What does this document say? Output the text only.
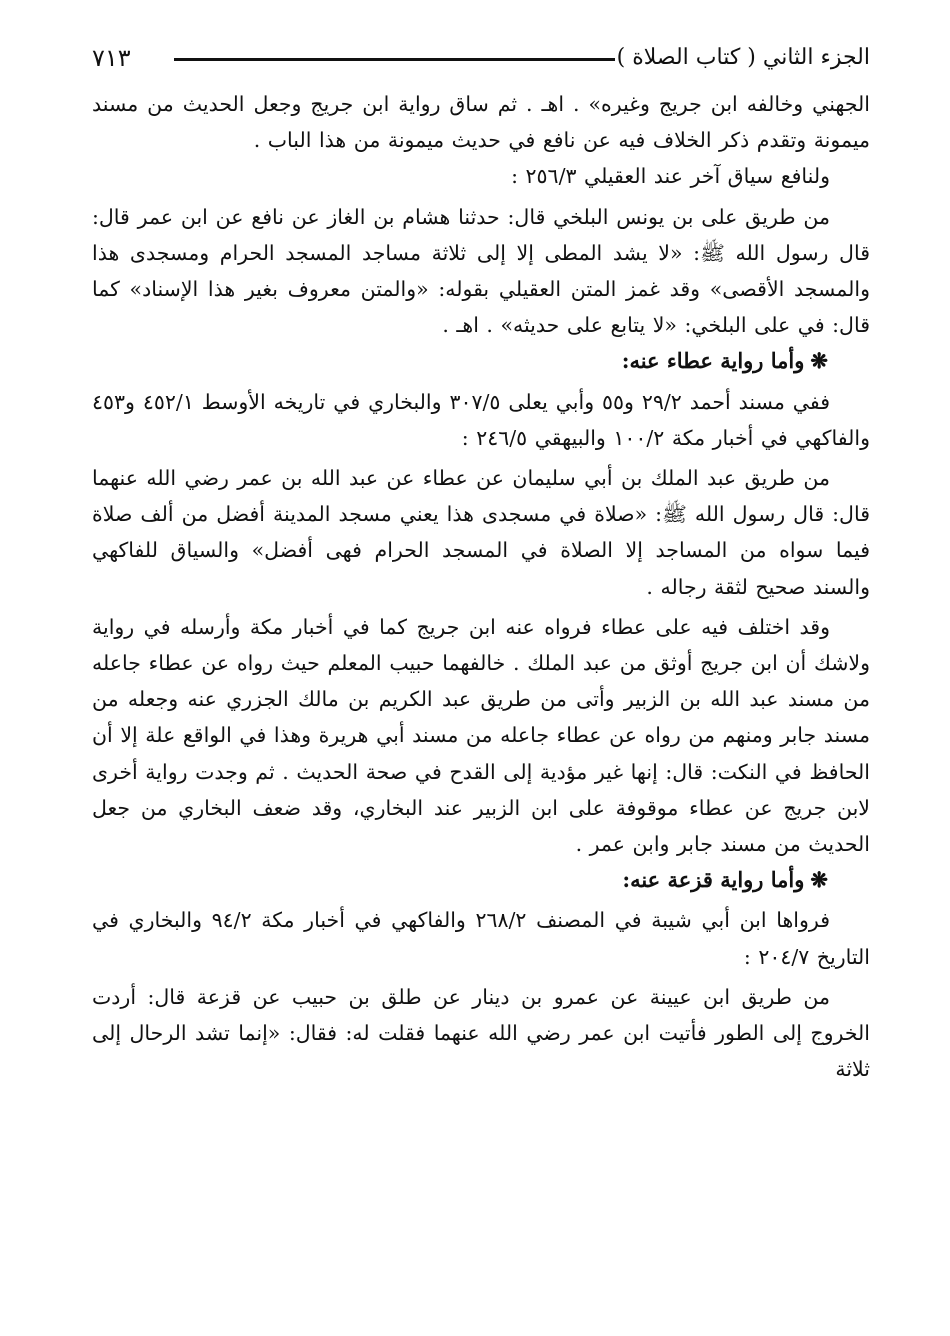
الجزء الثاني ( كتاب الصلاة )
٧١٣

الجهني وخالفه ابن جريج وغيره» . اهـ . ثم ساق رواية ابن جريج وجعل الحديث من مسند ميمونة وتقدم ذكر الخلاف فيه عن نافع في حديث ميمونة من هذا الباب .

ولنافع سياق آخر عند العقيلي ٢٥٦/٣ :

من طريق على بن يونس البلخي قال: حدثنا هشام بن الغاز عن نافع عن ابن عمر قال: قال رسول الله ﷺ: «لا يشد المطى إلا إلى ثلاثة مساجد المسجد الحرام ومسجدى هذا والمسجد الأقصى» وقد غمز المتن العقيلي بقوله: «والمتن معروف بغير هذا الإسناد» كما قال: في على البلخي: «لا يتابع على حديثه» . اهـ .

❋وأما رواية عطاء عنه:

ففي مسند أحمد ٢٩/٢ و٥٥ وأبي يعلى ٣٠٧/٥ والبخاري في تاريخه الأوسط ٤٥٢/١ و٤٥٣ والفاكهي في أخبار مكة ١٠٠/٢ والبيهقي ٢٤٦/٥ :

من طريق عبد الملك بن أبي سليمان عن عطاء عن عبد الله بن عمر رضي الله عنهما قال: قال رسول الله ﷺ: «صلاة في مسجدى هذا يعني مسجد المدينة أفضل من ألف صلاة فيما سواه من المساجد إلا الصلاة في المسجد الحرام فهى أفضل» والسياق للفاكهي والسند صحيح لثقة رجاله .

وقد اختلف فيه على عطاء فرواه عنه ابن جريج كما في أخبار مكة وأرسله في رواية ولاشك أن ابن جريج أوثق من عبد الملك . خالفهما حبيب المعلم حيث رواه عن عطاء جاعله من مسند عبد الله بن الزبير وأتى من طريق عبد الكريم بن مالك الجزري عنه وجعله من مسند جابر ومنهم من رواه عن عطاء جاعله من مسند أبي هريرة وهذا في الواقع علة إلا أن الحافظ في النكت: قال: إنها غير مؤدية إلى القدح في صحة الحديث . ثم وجدت رواية أخرى لابن جريج عن عطاء موقوفة على ابن الزبير عند البخاري، وقد ضعف البخاري من جعل الحديث من مسند جابر وابن عمر .

❋وأما رواية قزعة عنه:

فرواها ابن أبي شيبة في المصنف ٢٦٨/٢ والفاكهي في أخبار مكة ٩٤/٢ والبخاري في التاريخ ٢٠٤/٧ :

من طريق ابن عيينة عن عمرو بن دينار عن طلق بن حبيب عن قزعة قال: أردت الخروج إلى الطور فأتيت ابن عمر رضي الله عنهما فقلت له: فقال: «إنما تشد الرحال إلى ثلاثة
